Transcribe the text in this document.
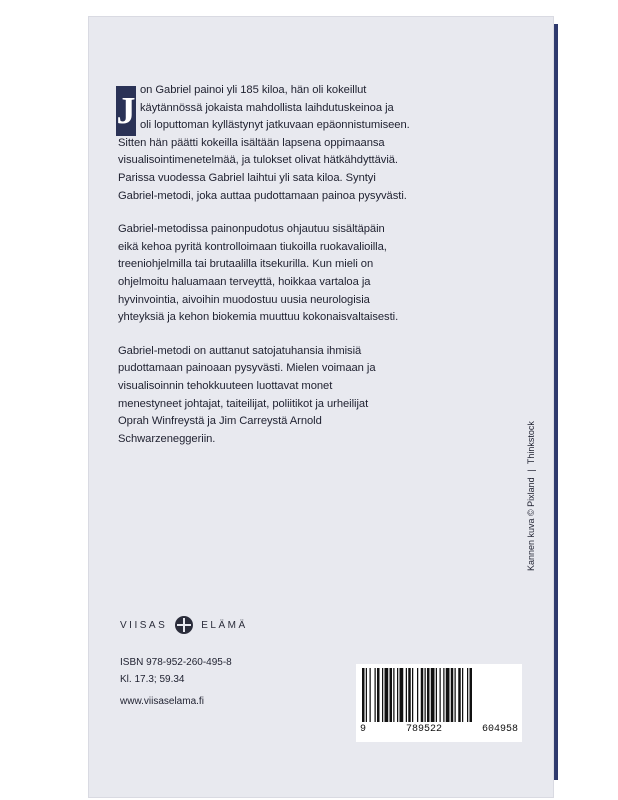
J on Gabriel painoi yli 185 kiloa, hän oli kokeillut
käytännössä jokaista mahdollista laihdutuskeinoa ja
oli loputtoman kyllästynyt jatkuvaan epäonnistumiseen.
Sitten hän päätti kokeilla isältään lapsena oppimaansa
visualisointimenetelmää, ja tulokset olivat hätkähdyttäviä.
Parissa vuodessa Gabriel laihtui yli sata kiloa. Syntyi
Gabriel-metodi, joka auttaa pudottamaan painoa pysyvästi.

Gabriel-metodissa painonpudotus ohjautuu sisältäpäin
eikä kehoa pyritä kontrolloimaan tiukoilla ruokavalioilla,
treeniohjelmilla tai brutaalilla itsekurilla. Kun mieli on
ohjelmoitu haluamaan terveyttä, hoikkaa vartaloa ja
hyvinvointia, aivoihin muodostuu uusia neurologisia
yhteyksiä ja kehon biokemia muuttuu kokonaisvaltaisesti.

Gabriel-metodi on auttanut satojatuhansia ihmisiä
pudottamaan painoaan pysyvästi. Mielen voimaan ja
visualisoinnin tehokkuuteen luottavat monet
menestyneet johtajat, taiteilijat, poliitikot ja urheilijat
Oprah Winfreystä ja Jim Carreystä Arnold
Schwarzeneggeriin.

Kannen kuva © Pixland | Thinkstock
VIISAS	ELÄMÄ
ISBN 978-952-260-495-8
Kl. 17.3; 59.34
www.viisaselama.fi
9	789522	604958
